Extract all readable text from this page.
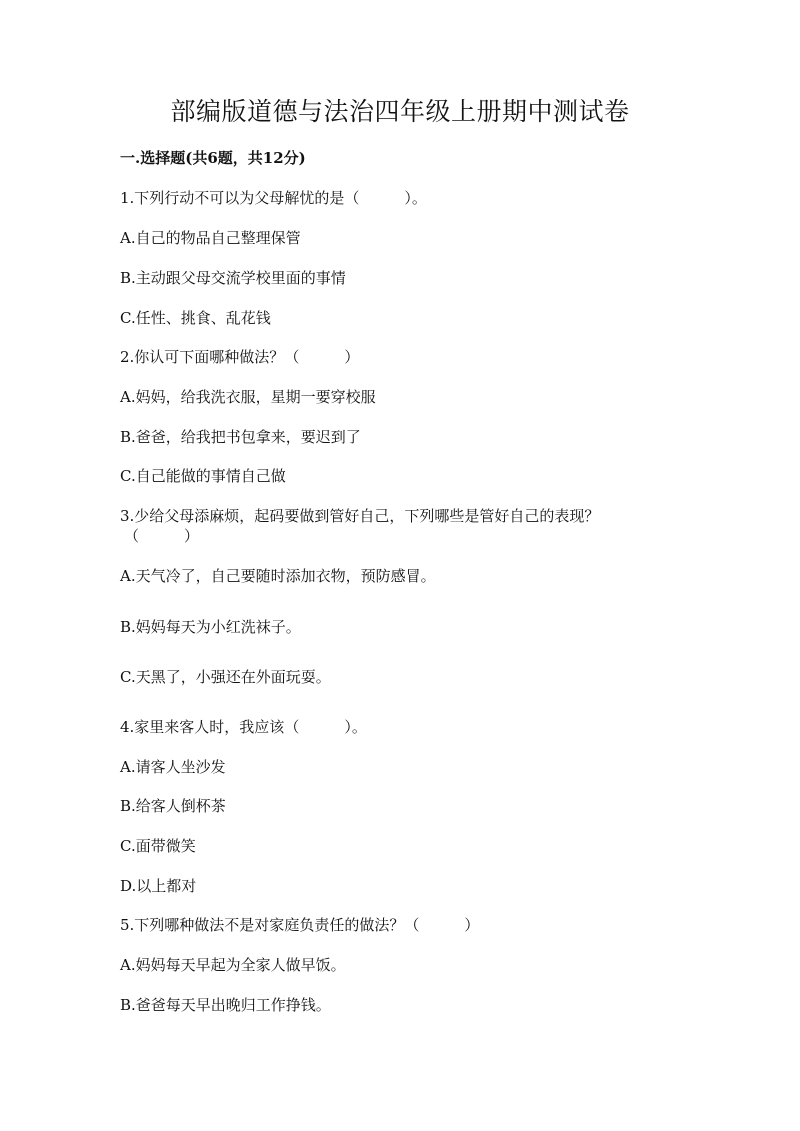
部编版道德与法治四年级上册期中测试卷
一.选择题(共6题，共12分)
1.下列行动不可以为父母解忧的是（　　　）。
A.自己的物品自己整理保管
B.主动跟父母交流学校里面的事情
C.任性、挑食、乱花钱
2.你认可下面哪种做法？（　　　）
A.妈妈，给我洗衣服，星期一要穿校服
B.爸爸，给我把书包拿来，要迟到了
C.自己能做的事情自己做
3.少给父母添麻烦，起码要做到管好自己，下列哪些是管好自己的表现？
（　　　）
A.天气冷了，自己要随时添加衣物，预防感冒。
B.妈妈每天为小红洗袜子。
C.天黑了，小强还在外面玩耍。
4.家里来客人时，我应该（　　　）。
A.请客人坐沙发
B.给客人倒杯茶
C.面带微笑
D.以上都对
5.下列哪种做法不是对家庭负责任的做法？（　　　）
A.妈妈每天早起为全家人做早饭。
B.爸爸每天早出晚归工作挣钱。
